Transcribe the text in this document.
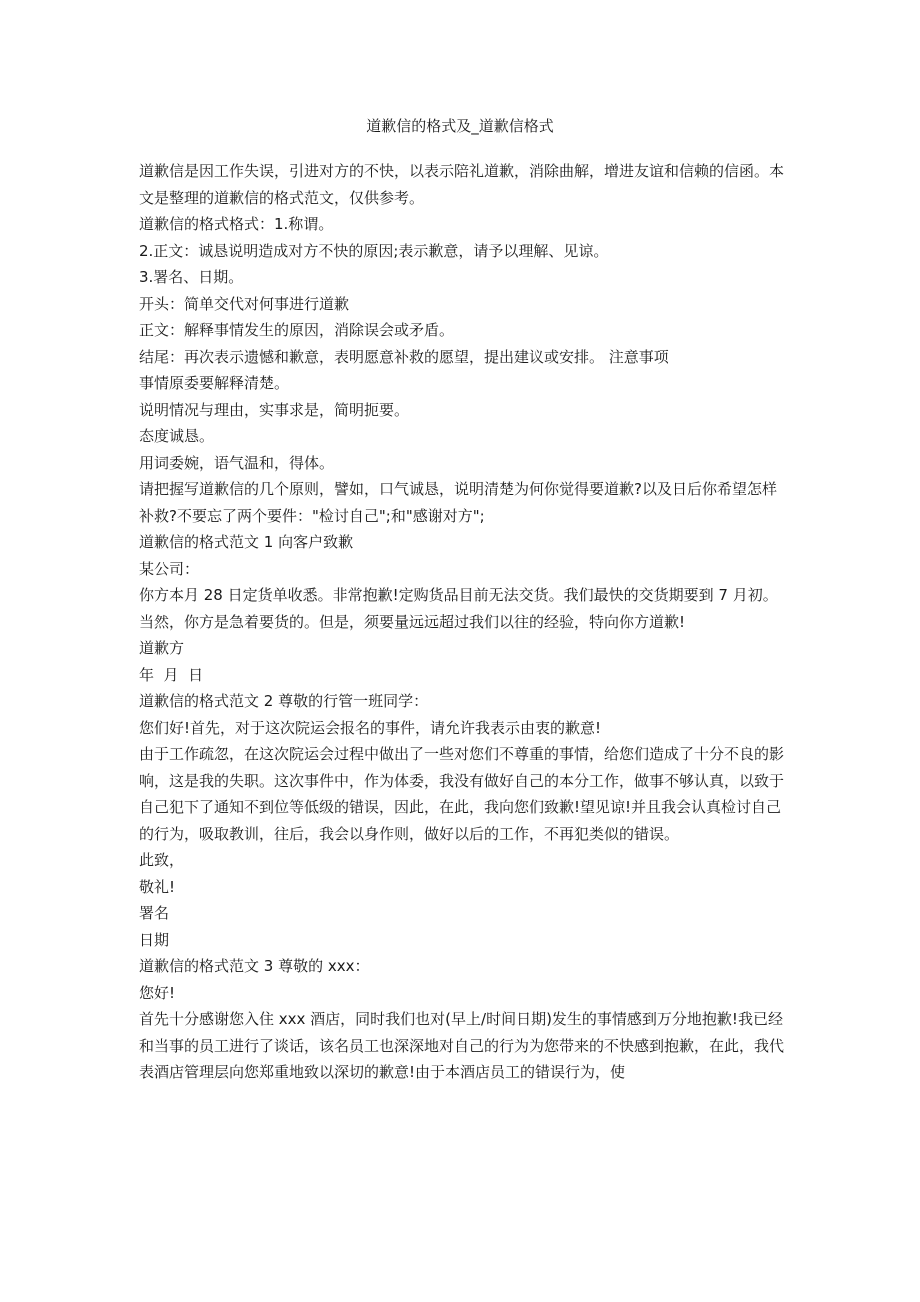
道歉信的格式及_道歉信格式

道歉信是因工作失误，引进对方的不快，以表示陪礼道歉，消除曲解，增进友谊和信赖的信函。本文是整理的道歉信的格式范文，仅供参考。

道歉信的格式格式：1.称谓。

2.正文：诚恳说明造成对方不快的原因;表示歉意，请予以理解、见谅。

3.署名、日期。

开头：简单交代对何事进行道歉

正文：解释事情发生的原因，消除误会或矛盾。

结尾：再次表示遗憾和歉意，表明愿意补救的愿望，提出建议或安排。 注意事项

事情原委要解释清楚。

说明情况与理由，实事求是，简明扼要。

态度诚恳。

用词委婉，语气温和，得体。

请把握写道歉信的几个原则，譬如，口气诚恳，说明清楚为何你觉得要道歉?以及日后你希望怎样补救?不要忘了两个要件："检讨自己";和"感谢对方";

道歉信的格式范文 1 向客户致歉

某公司：

你方本月 28 日定货单收悉。非常抱歉!定购货品目前无法交货。我们最快的交货期要到 7 月初。

当然，你方是急着要货的。但是，须要量远远超过我们以往的经验，特向你方道歉!

道歉方

年  月  日

道歉信的格式范文 2 尊敬的行管一班同学：

您们好!首先，对于这次院运会报名的事件，请允许我表示由衷的歉意!

由于工作疏忽，在这次院运会过程中做出了一些对您们不尊重的事情，给您们造成了十分不良的影响，这是我的失职。这次事件中，作为体委，我没有做好自己的本分工作，做事不够认真，以致于自己犯下了通知不到位等低级的错误，因此，在此，我向您们致歉!望见谅!并且我会认真检讨自己的行为，吸取教训，往后，我会以身作则，做好以后的工作，不再犯类似的错误。

此致，

敬礼!

署名

日期

道歉信的格式范文 3 尊敬的 xxx：

您好!

首先十分感谢您入住 xxx 酒店，同时我们也对(早上/时间日期)发生的事情感到万分地抱歉!我已经和当事的员工进行了谈话，该名员工也深深地对自己的行为为您带来的不快感到抱歉，在此，我代表酒店管理层向您郑重地致以深切的歉意!由于本酒店员工的错误行为，使
